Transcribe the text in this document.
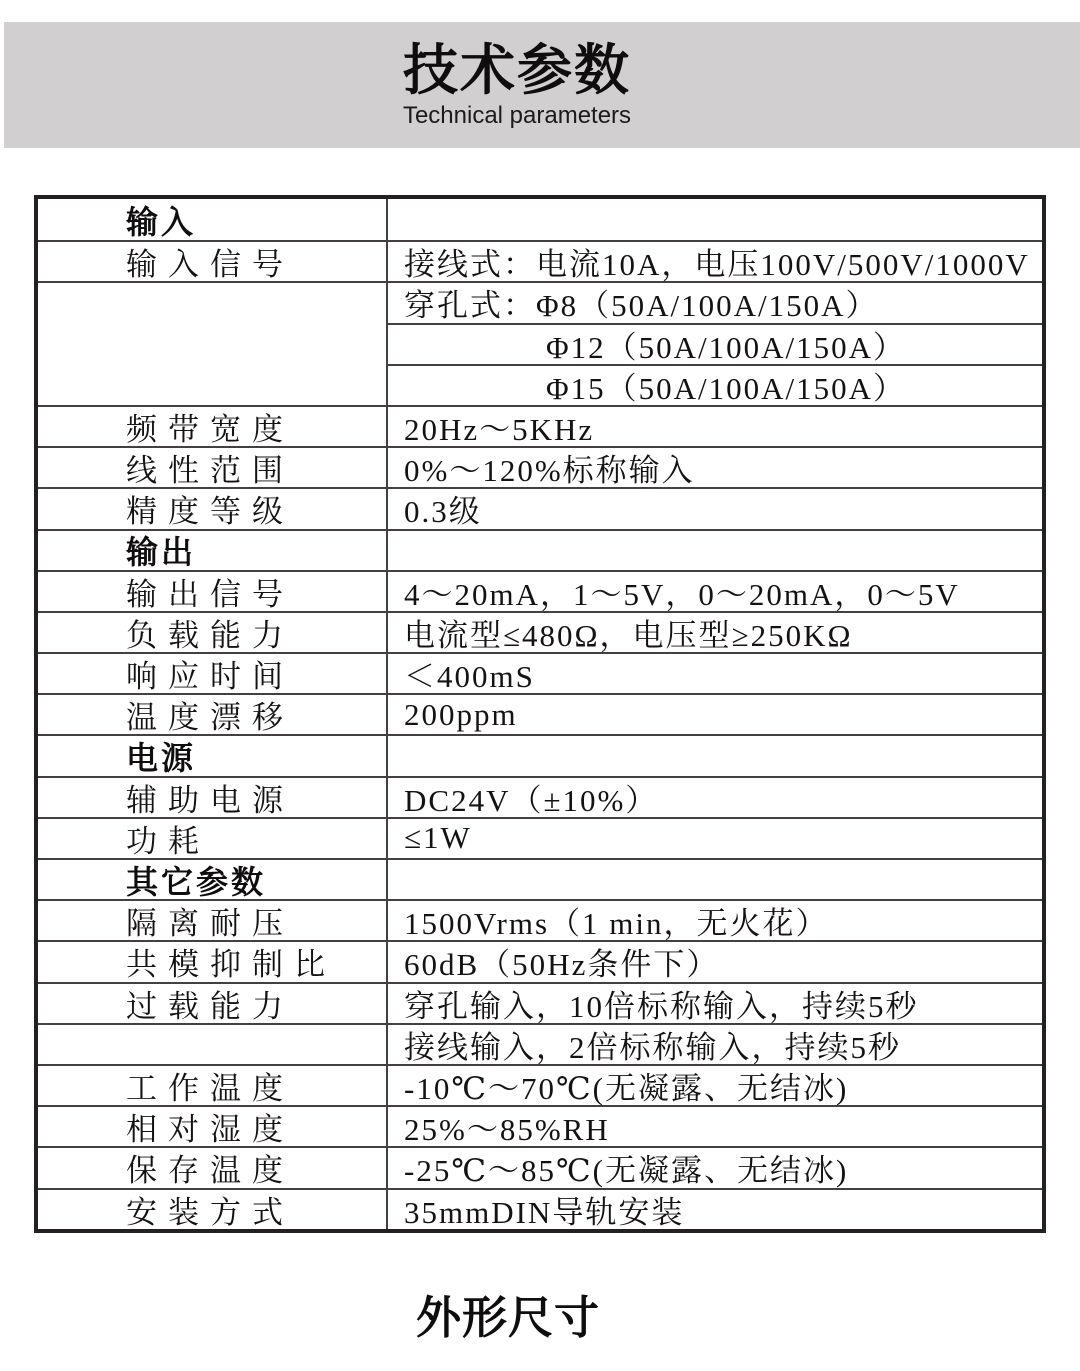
技术参数
Technical parameters
输入
输入信号	接线式：电流10A，电压100V/500V/1000V
穿孔式：Φ8（50A/100A/150A）
Φ12（50A/100A/150A）
Φ15（50A/100A/150A）
频带宽度	20Hz～5KHz
线性范围	0%～120%标称输入
精度等级	0.3级
输出
输出信号	4～20mA，1～5V，0～20mA，0～5V
负载能力	电流型≤480Ω，电压型≥250KΩ
响应时间	＜400mS
温度漂移	200ppm
电源
辅助电源	DC24V（±10%）
功耗	≤1W
其它参数
隔离耐压	1500Vrms（1 min，无火花）
共模抑制比	60dB（50Hz条件下）
过载能力	穿孔输入，10倍标称输入，持续5秒
接线输入，2倍标称输入，持续5秒
工作温度	-10℃～70℃(无凝露、无结冰)
相对湿度	25%～85%RH
保存温度	-25℃～85℃(无凝露、无结冰)
安装方式	35mmDIN导轨安装
外形尺寸
